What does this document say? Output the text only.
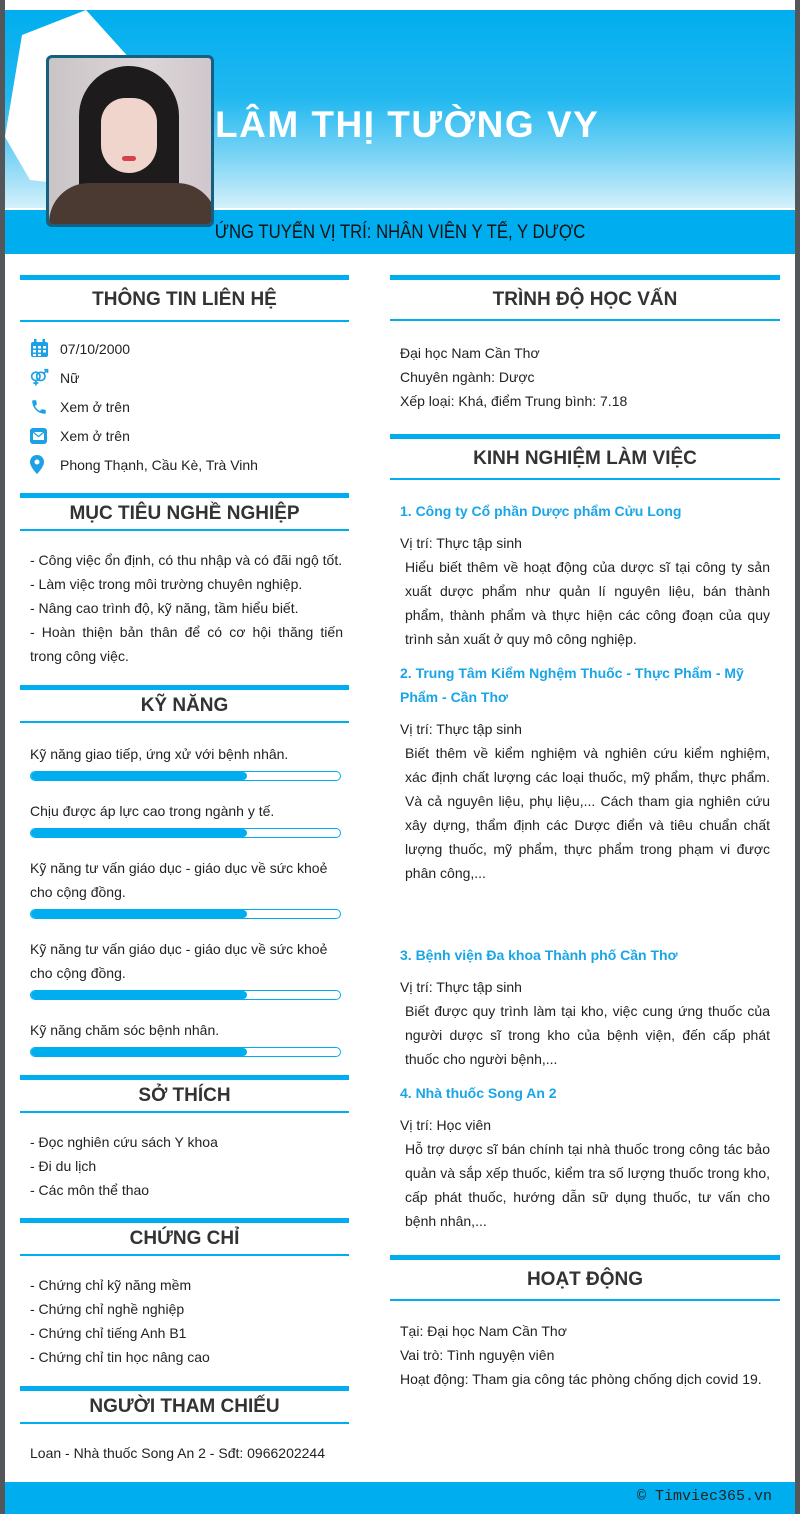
LÂM THỊ TƯỜNG VY
ỨNG TUYỂN VỊ TRÍ: NHÂN VIÊN Y TẾ, Y DƯỢC
THÔNG TIN LIÊN HỆ
07/10/2000
Nữ
Xem ở trên
Xem ở trên
Phong Thạnh, Cầu Kè, Trà Vinh
MỤC TIÊU NGHỀ NGHIỆP
- Công việc ổn định, có thu nhập và có đãi ngộ tốt.
- Làm việc trong môi trường chuyên nghiệp.
- Nâng cao trình độ, kỹ năng, tầm hiểu biết.
- Hoàn thiện bản thân để có cơ hội thăng tiến trong công việc.
KỸ NĂNG
Kỹ năng giao tiếp, ứng xử với bệnh nhân.
Chịu được áp lực cao trong ngành y tế.
Kỹ năng tư vấn giáo dục - giáo dục về sức khoẻ cho cộng đồng.
Kỹ năng tư vấn giáo dục - giáo dục về sức khoẻ cho cộng đồng.
Kỹ năng chăm sóc bệnh nhân.
SỞ THÍCH
- Đọc nghiên cứu sách Y khoa
- Đi du lịch
- Các môn thể thao
CHỨNG CHỈ
- Chứng chỉ kỹ năng mềm
- Chứng chỉ nghề nghiệp
- Chứng chỉ tiếng Anh B1
- Chứng chỉ tin học nâng cao
NGƯỜI THAM CHIẾU
Loan - Nhà thuốc Song An 2 - Sđt: 0966202244
TRÌNH ĐỘ HỌC VẤN
Đại học Nam Cần Thơ
Chuyên ngành: Dược
Xếp loại: Khá, điểm Trung bình: 7.18
KINH NGHIỆM LÀM VIỆC
1. Công ty Cổ phần Dược phẩm Cửu Long
Vị trí: Thực tập sinh
Hiểu biết thêm về hoạt động của dược sĩ tại công ty sản xuất dược phẩm như quản lí nguyên liệu, bán thành phẩm, thành phẩm và thực hiện các công đoạn của quy trình sản xuất ở quy mô công nghiệp.
2. Trung Tâm Kiểm Nghệm Thuốc - Thực Phẩm - Mỹ Phẩm - Cần Thơ
Vị trí: Thực tập sinh
Biết thêm về kiểm nghiệm và nghiên cứu kiểm nghiệm, xác định chất lượng các loại thuốc, mỹ phẩm, thực phẩm. Và cả nguyên liệu, phụ liệu,... Cách tham gia nghiên cứu xây dựng, thẩm định các Dược điển và tiêu chuẩn chất lượng thuốc, mỹ phẩm, thực phẩm trong phạm vi được phân công,...
3. Bệnh viện Đa khoa Thành phố Cần Thơ
Vị trí: Thực tập sinh
Biết được quy trình làm tại kho, việc cung ứng thuốc của người dược sĩ trong kho của bệnh viện, đến cấp phát thuốc cho người bệnh,...
4. Nhà thuốc Song An 2
Vị trí: Học viên
Hỗ trợ dược sĩ bán chính tại nhà thuốc trong công tác bảo quản và sắp xếp thuốc, kiểm tra số lượng thuốc trong kho, cấp phát thuốc, hướng dẫn sữ dụng thuốc, tư vấn cho bệnh nhân,...
HOẠT ĐỘNG
Tại: Đại học Nam Cần Thơ
Vai trò: Tình nguyện viên
Hoạt động: Tham gia công tác phòng chống dịch covid 19.
© Timviec365.vn
